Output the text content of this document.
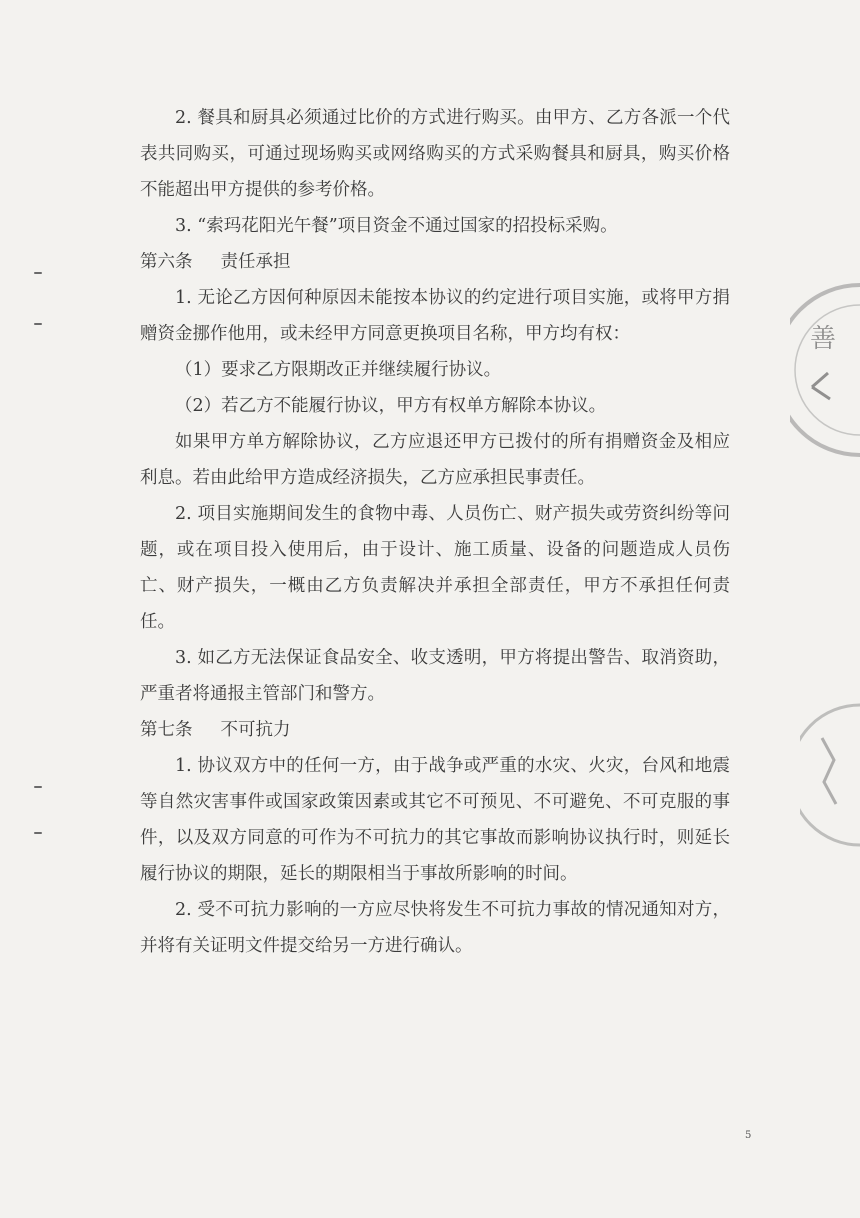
善

2. 餐具和厨具必须通过比价的方式进行购买。由甲方、乙方各派一个代表共同购买，可通过现场购买或网络购买的方式采购餐具和厨具，购买价格不能超出甲方提供的参考价格。

3. “索玛花阳光午餐”项目资金不通过国家的招投标采购。

第六条 责任承担

1. 无论乙方因何种原因未能按本协议的约定进行项目实施，或将甲方捐赠资金挪作他用，或未经甲方同意更换项目名称，甲方均有权：

（1）要求乙方限期改正并继续履行协议。

（2）若乙方不能履行协议，甲方有权单方解除本协议。

如果甲方单方解除协议，乙方应退还甲方已拨付的所有捐赠资金及相应利息。若由此给甲方造成经济损失，乙方应承担民事责任。

2. 项目实施期间发生的食物中毒、人员伤亡、财产损失或劳资纠纷等问题，或在项目投入使用后，由于设计、施工质量、设备的问题造成人员伤亡、财产损失，一概由乙方负责解决并承担全部责任，甲方不承担任何责任。

3. 如乙方无法保证食品安全、收支透明，甲方将提出警告、取消资助，严重者将通报主管部门和警方。

第七条 不可抗力

1. 协议双方中的任何一方，由于战争或严重的水灾、火灾，台风和地震等自然灾害事件或国家政策因素或其它不可预见、不可避免、不可克服的事件，以及双方同意的可作为不可抗力的其它事故而影响协议执行时，则延长履行协议的期限，延长的期限相当于事故所影响的时间。

2. 受不可抗力影响的一方应尽快将发生不可抗力事故的情况通知对方，并将有关证明文件提交给另一方进行确认。

5
